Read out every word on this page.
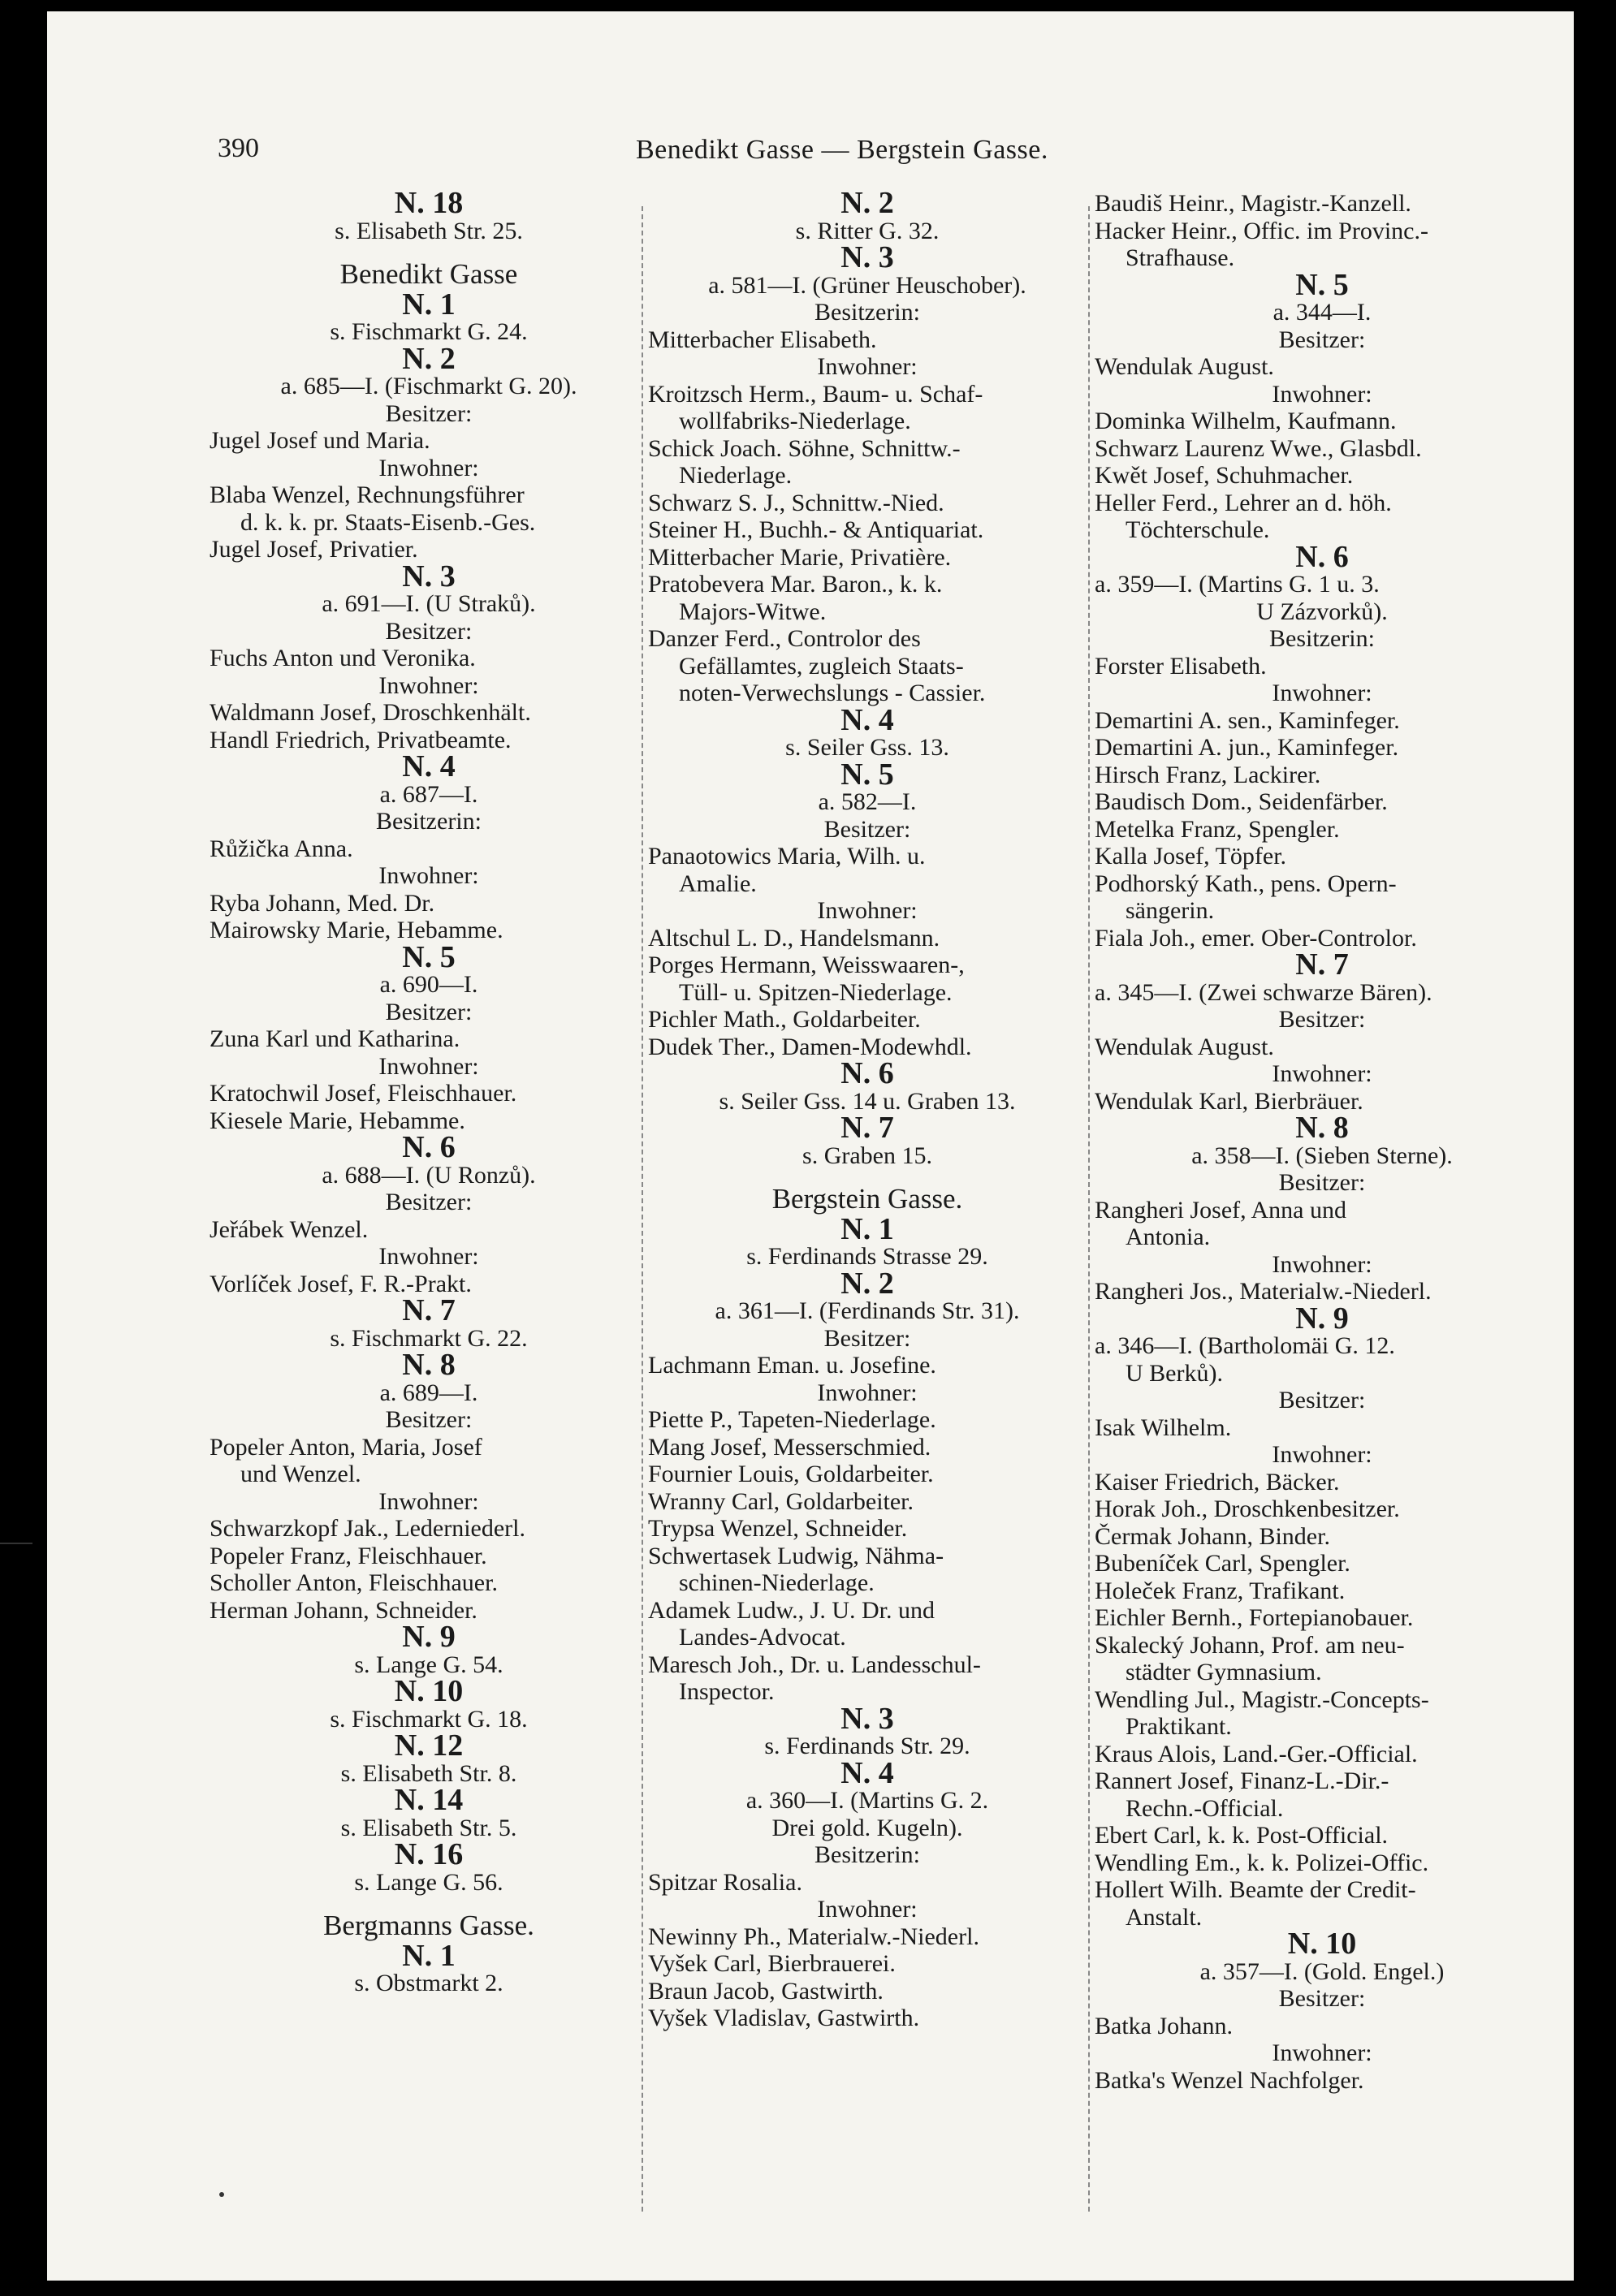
390	Benedikt Gasse — Bergstein Gasse.
N. 18
s. Elisabeth Str. 25.
Benedikt Gasse
N. 1
s. Fischmarkt G. 24.
N. 2
a. 685—I. (Fischmarkt G. 20).
Besitzer:
Jugel Josef und Maria.
Inwohner:
Blaba Wenzel, Rechnungsführer
d. k. k. pr. Staats-Eisenb.-Ges.
Jugel Josef, Privatier.
N. 3
a. 691—I. (U Straků).
Besitzer:
Fuchs Anton und Veronika.
Inwohner:
Waldmann Josef, Droschkenhält.
Handl Friedrich, Privatbeamte.
N. 4
a. 687—I.
Besitzerin:
Růžička Anna.
Inwohner:
Ryba Johann, Med. Dr.
Mairowsky Marie, Hebamme.
N. 5
a. 690—I.
Besitzer:
Zuna Karl und Katharina.
Inwohner:
Kratochwil Josef, Fleischhauer.
Kiesele Marie, Hebamme.
N. 6
a. 688—I. (U Ronzů).
Besitzer:
Jeřábek Wenzel.
Inwohner:
Vorlíček Josef, F. R.-Prakt.
N. 7
s. Fischmarkt G. 22.
N. 8
a. 689—I.
Besitzer:
Popeler Anton, Maria, Josef
und Wenzel.
Inwohner:
Schwarzkopf Jak., Lederniederl.
Popeler Franz, Fleischhauer.
Scholler Anton, Fleischhauer.
Herman Johann, Schneider.
N. 9
s. Lange G. 54.
N. 10
s. Fischmarkt G. 18.
N. 12
s. Elisabeth Str. 8.
N. 14
s. Elisabeth Str. 5.
N. 16
s. Lange G. 56.
Bergmanns Gasse.
N. 1
s. Obstmarkt 2.
N. 2
s. Ritter G. 32.
N. 3
a. 581—I. (Grüner Heuschober).
Besitzerin:
Mitterbacher Elisabeth.
Inwohner:
Kroitzsch Herm., Baum- u. Schaf-
wollfabriks-Niederlage.
Schick Joach. Söhne, Schnittw.-
Niederlage.
Schwarz S. J., Schnittw.-Nied.
Steiner H., Buchh.- & Antiquariat.
Mitterbacher Marie, Privatière.
Pratobevera Mar. Baron., k. k.
Majors-Witwe.
Danzer Ferd., Controlor des
Gefällamtes, zugleich Staats-
noten-Verwechslungs - Cassier.
N. 4
s. Seiler Gss. 13.
N. 5
a. 582—I.
Besitzer:
Panaotowics Maria, Wilh. u.
Amalie.
Inwohner:
Altschul L. D., Handelsmann.
Porges Hermann, Weisswaaren-,
Tüll- u. Spitzen-Niederlage.
Pichler Math., Goldarbeiter.
Dudek Ther., Damen-Modewhdl.
N. 6
s. Seiler Gss. 14 u. Graben 13.
N. 7
s. Graben 15.
Bergstein Gasse.
N. 1
s. Ferdinands Strasse 29.
N. 2
a. 361—I. (Ferdinands Str. 31).
Besitzer:
Lachmann Eman. u. Josefine.
Inwohner:
Piette P., Tapeten-Niederlage.
Mang Josef, Messerschmied.
Fournier Louis, Goldarbeiter.
Wranny Carl, Goldarbeiter.
Trypsa Wenzel, Schneider.
Schwertasek Ludwig, Nähma-
schinen-Niederlage.
Adamek Ludw., J. U. Dr. und
Landes-Advocat.
Maresch Joh., Dr. u. Landesschul-
Inspector.
N. 3
s. Ferdinands Str. 29.
N. 4
a. 360—I. (Martins G. 2.
Drei gold. Kugeln).
Besitzerin:
Spitzar Rosalia.
Inwohner:
Newinny Ph., Materialw.-Niederl.
Vyšek Carl, Bierbrauerei.
Braun Jacob, Gastwirth.
Vyšek Vladislav, Gastwirth.
Baudiš Heinr., Magistr.-Kanzell.
Hacker Heinr., Offic. im Provinc.-
Strafhause.
N. 5
a. 344—I.
Besitzer:
Wendulak August.
Inwohner:
Dominka Wilhelm, Kaufmann.
Schwarz Laurenz Wwe., Glasbdl.
Kwět Josef, Schuhmacher.
Heller Ferd., Lehrer an d. höh.
Töchterschule.
N. 6
a. 359—I. (Martins G. 1 u. 3.
U Zázvorků).
Besitzerin:
Forster Elisabeth.
Inwohner:
Demartini A. sen., Kaminfeger.
Demartini A. jun., Kaminfeger.
Hirsch Franz, Lackirer.
Baudisch Dom., Seidenfärber.
Metelka Franz, Spengler.
Kalla Josef, Töpfer.
Podhorský Kath., pens. Opern-
sängerin.
Fiala Joh., emer. Ober-Controlor.
N. 7
a. 345—I. (Zwei schwarze Bären).
Besitzer:
Wendulak August.
Inwohner:
Wendulak Karl, Bierbräuer.
N. 8
a. 358—I. (Sieben Sterne).
Besitzer:
Rangheri Josef, Anna und
Antonia.
Inwohner:
Rangheri Jos., Materialw.-Niederl.
N. 9
a. 346—I. (Bartholomäi G. 12.
U Berků).
Besitzer:
Isak Wilhelm.
Inwohner:
Kaiser Friedrich, Bäcker.
Horak Joh., Droschkenbesitzer.
Čermak Johann, Binder.
Bubeníček Carl, Spengler.
Holeček Franz, Trafikant.
Eichler Bernh., Fortepianobauer.
Skalecký Johann, Prof. am neu-
städter Gymnasium.
Wendling Jul., Magistr.-Concepts-
Praktikant.
Kraus Alois, Land.-Ger.-Official.
Rannert Josef, Finanz-L.-Dir.-
Rechn.-Official.
Ebert Carl, k. k. Post-Official.
Wendling Em., k. k. Polizei-Offic.
Hollert Wilh. Beamte der Credit-
Anstalt.
N. 10
a. 357—I. (Gold. Engel.)
Besitzer:
Batka Johann.
Inwohner:
Batka's Wenzel Nachfolger.
